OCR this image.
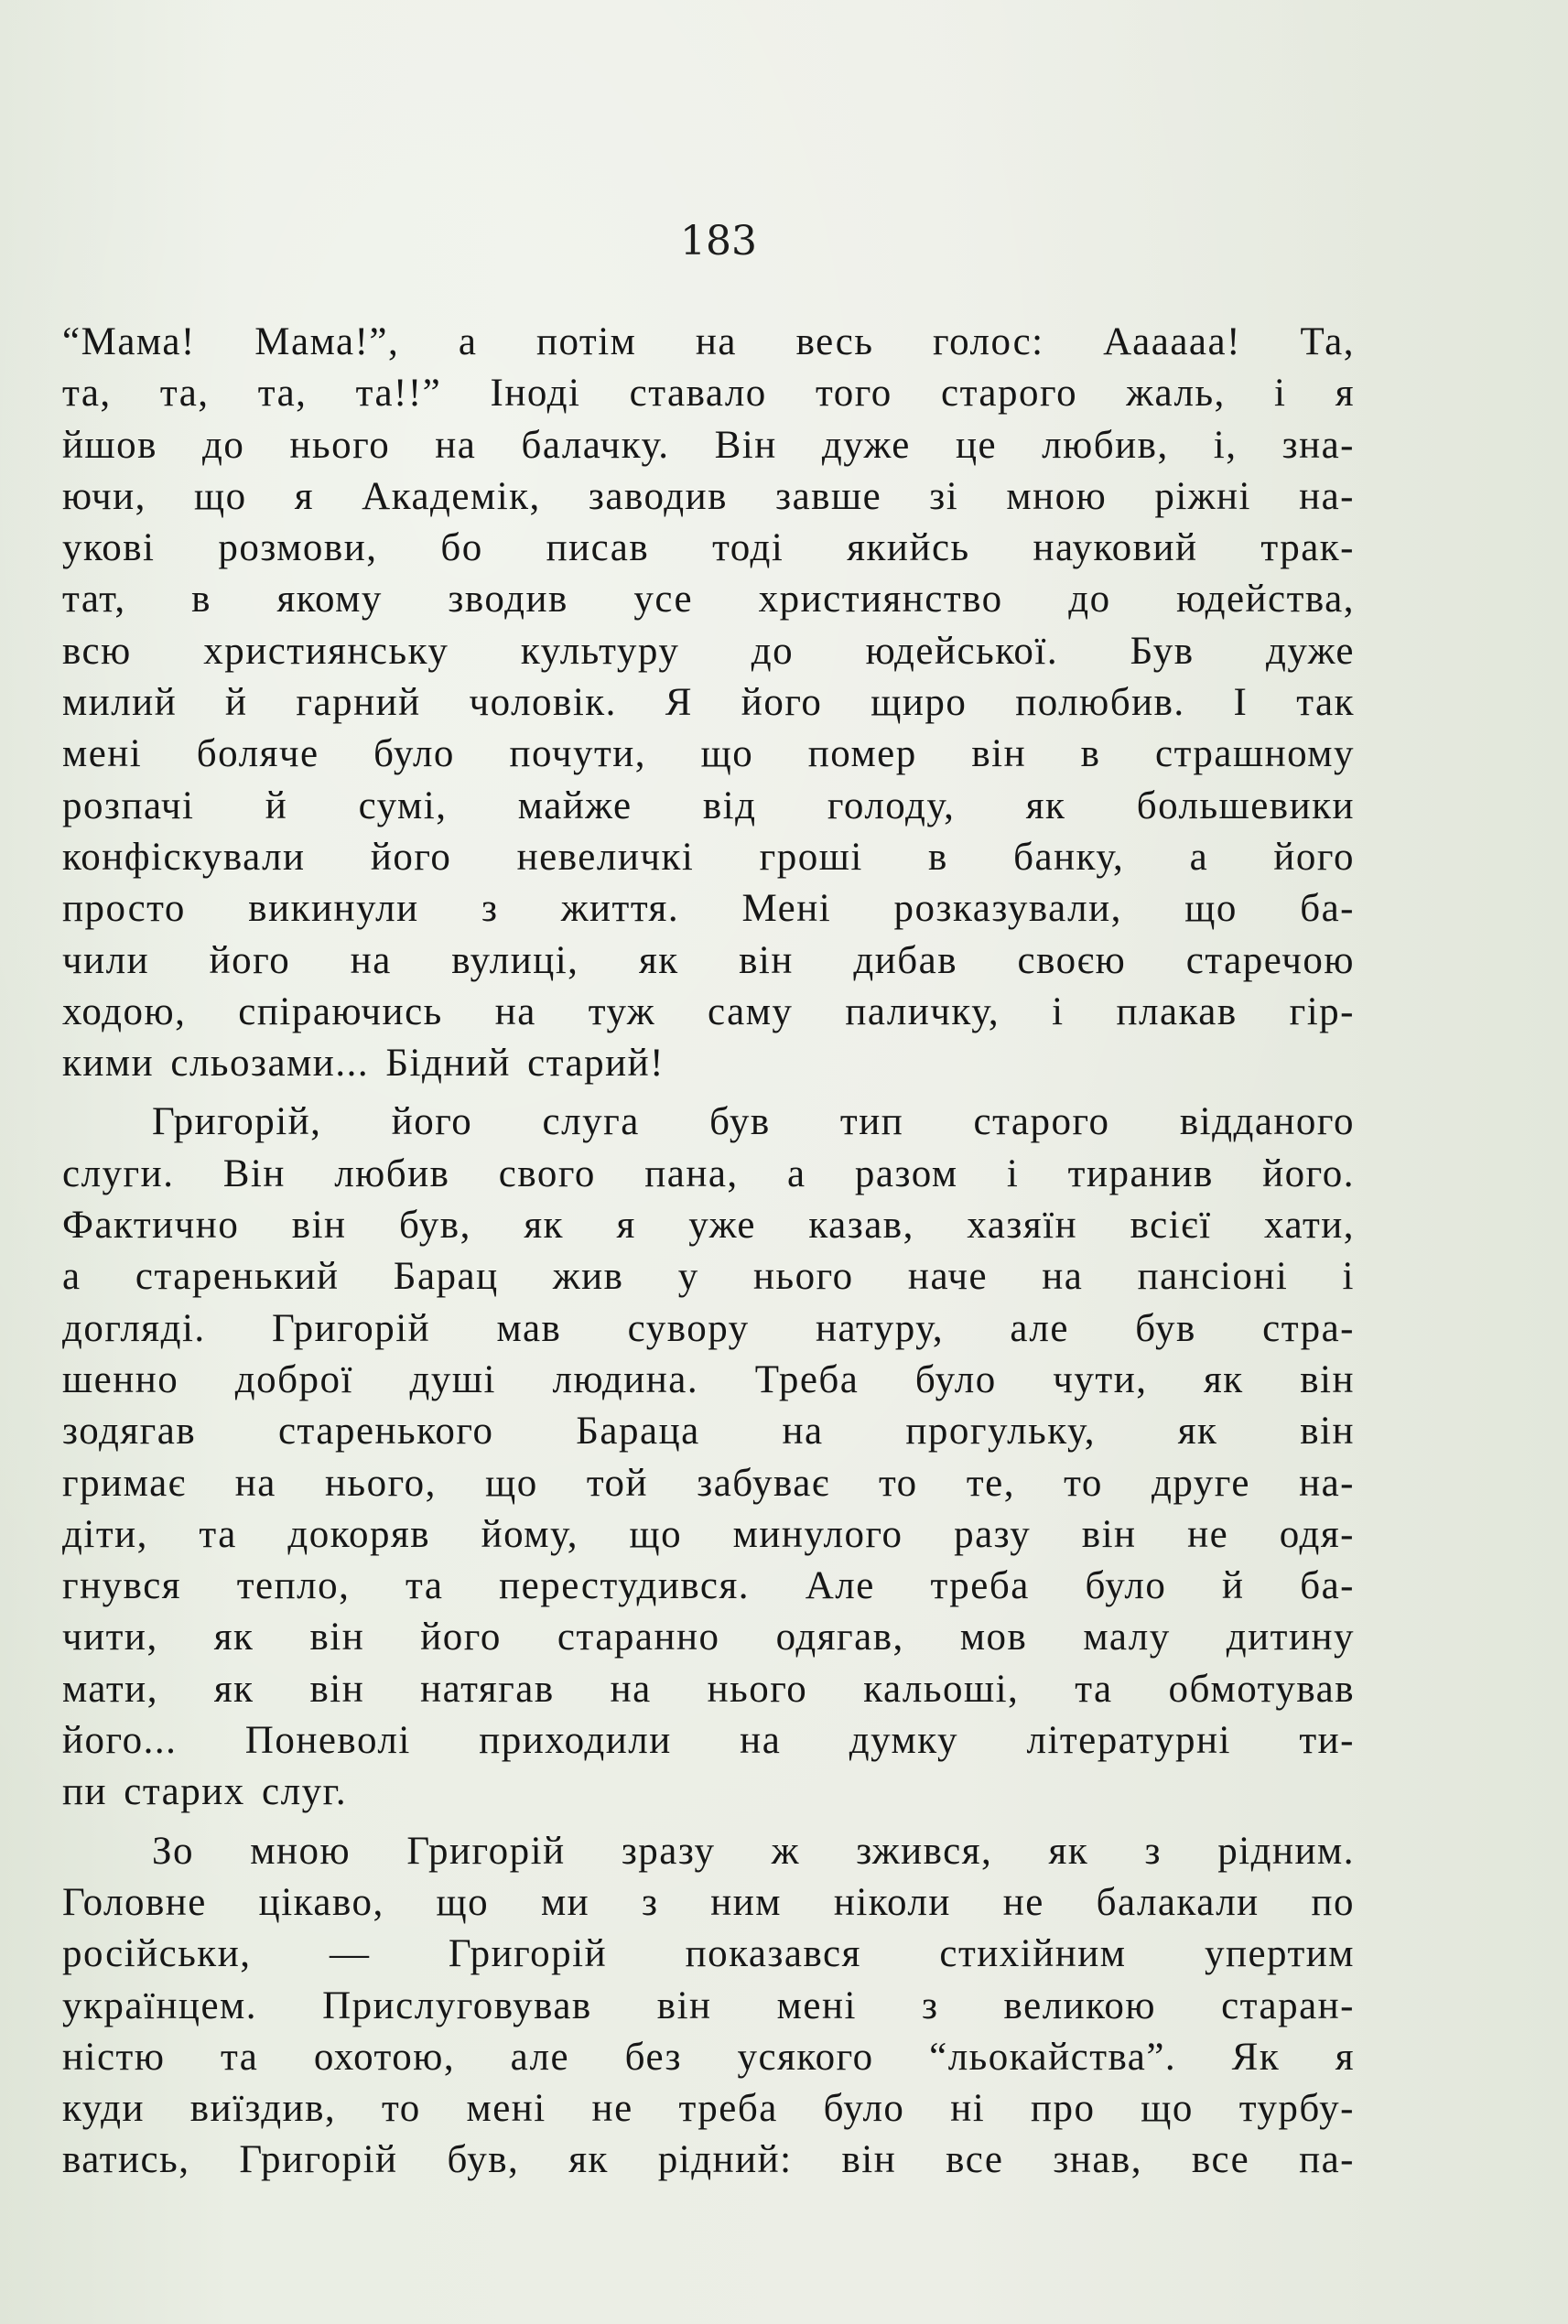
183
“Мама! Мама!”, а потім на весь голос: Аааааа! Та,
та, та, та, та!!” Іноді ставало того старого жаль, і я
йшов до нього на балачку. Він дуже це любив, і, зна-
ючи, що я Академік, заводив завше зі мною ріжні на-
укові розмови, бо писав тоді якийсь науковий трак-
тат, в якому зводив усе християнство до юдейства,
всю християнську культуру до юдейської. Був дуже
милий й гарний чоловік. Я його щиро полюбив. І так
мені боляче було почути, що помер він в страшному
розпачі й сумі, майже від голоду, як большевики
конфіскували його невеличкі гроші в банку, а його
просто викинули з життя. Мені розказували, що ба-
чили його на вулиці, як він дибав своєю старечою
ходою, спіраючись на туж саму паличку, і плакав гір-
кими сльозами... Бідний старий!
Григорій, його слуга був тип старого відданого
слуги. Він любив свого пана, а разом і тиранив його.
Фактично він був, як я уже казав, хазяїн всієї хати,
а старенький Барац жив у нього наче на пансіоні і
догляді. Григорій мав сувору натуру, але був стра-
шенно доброї душі людина. Треба було чути, як він
зодягав старенького Бараца на прогульку, як він
гримає на нього, що той забуває то те, то друге на-
діти, та докоряв йому, що минулого разу він не одя-
гнувся тепло, та перестудився. Але треба було й ба-
чити, як він його старанно одягав, мов малу дитину
мати, як він натягав на нього кальоші, та обмотував
його... Поневолі приходили на думку літературні ти-
пи старих слуг.
Зо мною Григорій зразу ж зжився, як з рідним.
Головне цікаво, що ми з ним ніколи не балакали по
російськи, — Григорій показався стихійним упертим
українцем. Прислуговував він мені з великою старан-
ністю та охотою, але без усякого “льокайства”. Як я
куди виїздив, то мені не треба було ні про що турбу-
ватись, Григорій був, як рідний: він все знав, все па-
